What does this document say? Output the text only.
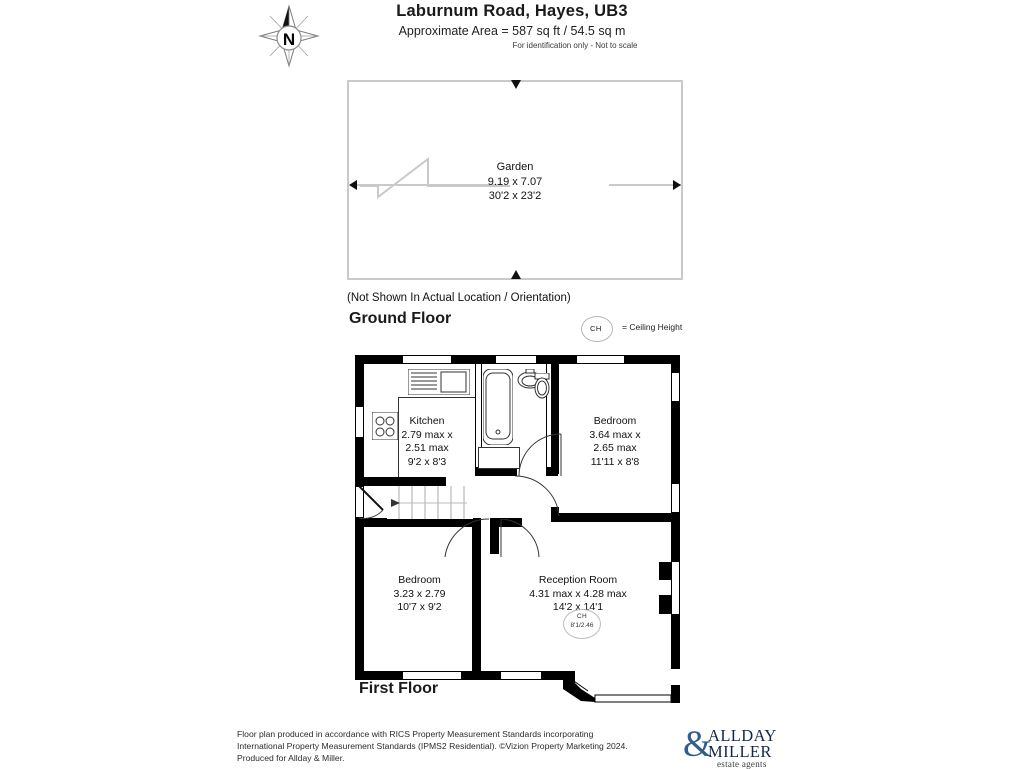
Laburnum Road, Hayes, UB3
Approximate Area = 587 sq ft / 54.5 sq m
For identification only - Not to scale
N
Garden
9.19 x 7.07
30'2 x 23'2
(Not Shown In Actual Location / Orientation)
Ground Floor
CH = Ceiling Height
Kitchen
2.79 max x
2.51 max
9'2 x 8'3
Bedroom
3.64 max x
2.65 max
11'11 x 8'8
Bedroom
3.23 x 2.79
10'7 x 9'2
Reception Room
4.31 max x 4.28 max
14'2 x 14'1
CH
8'1/2.46
First Floor
Floor plan produced in accordance with RICS Property Measurement Standards incorporating
International Property Measurement Standards (IPMS2 Residential). ©Vizion Property Marketing 2024.
Produced for Allday & Miller.	&
ALLDAY
MILLER
estate agents
